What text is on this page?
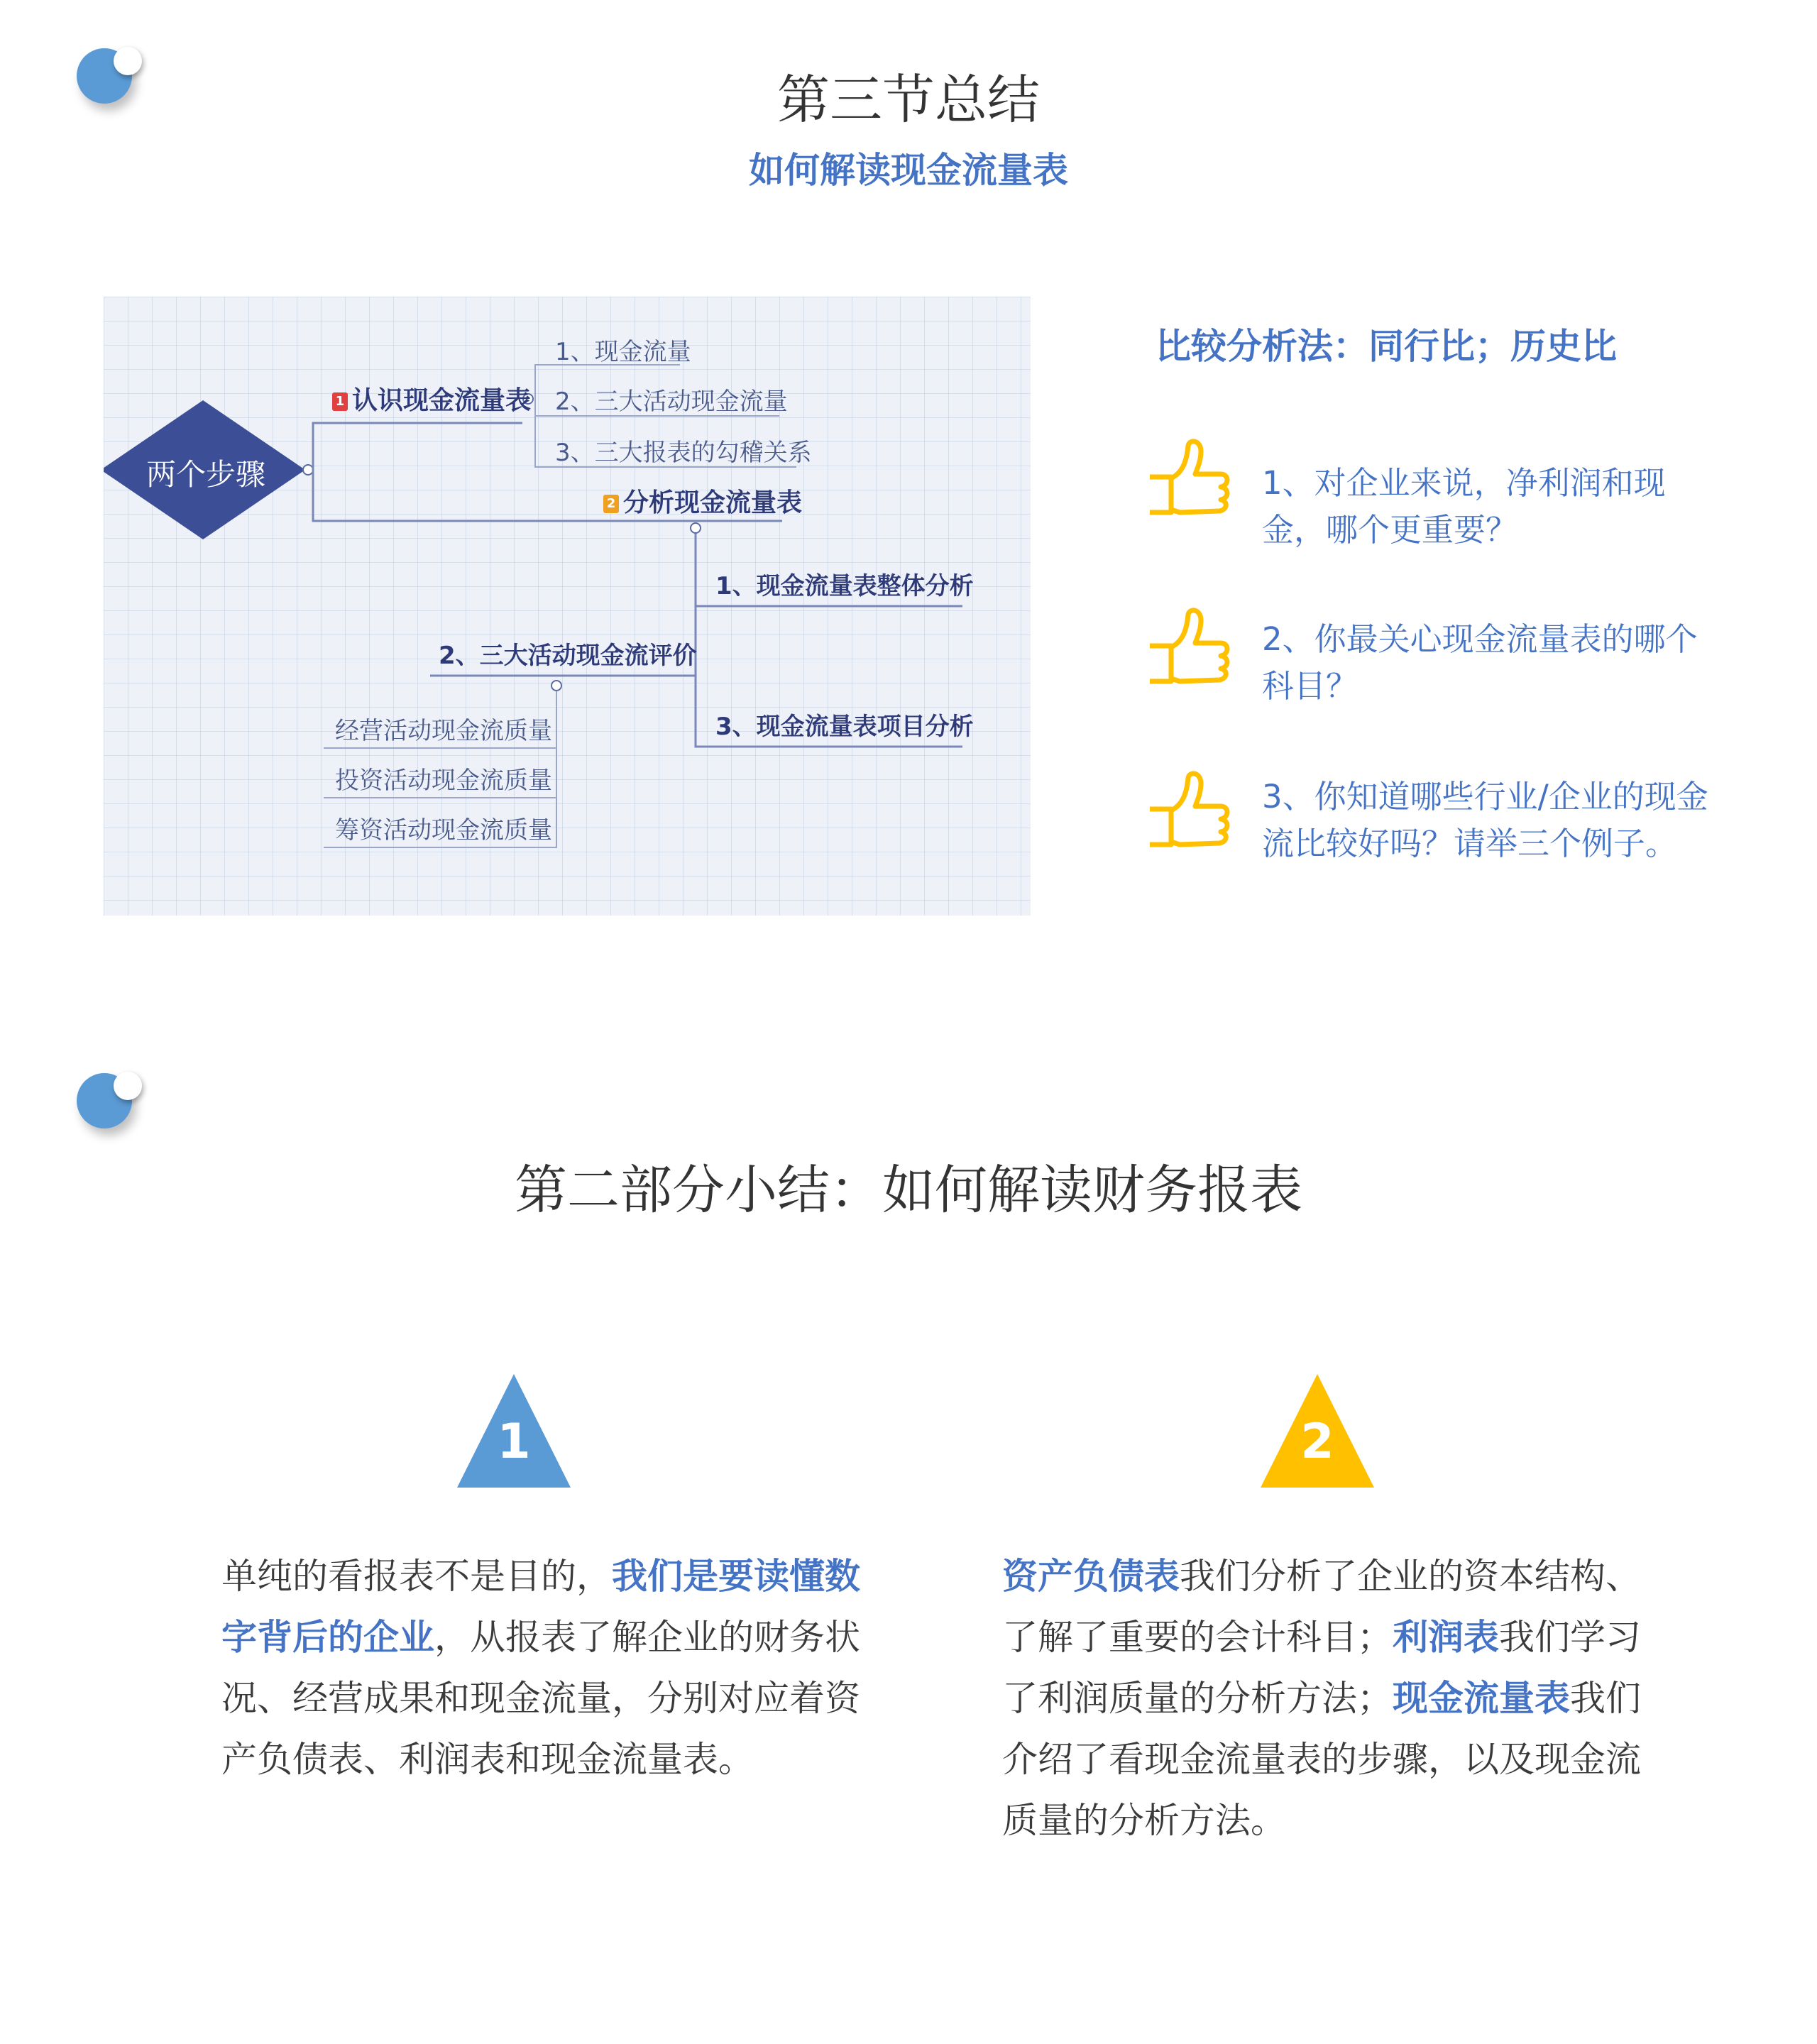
第三节总结
如何解读现金流量表
两个步骤
1 认识现金流量表
1、现金流量
2、三大活动现金流量
3、三大报表的勾稽关系
2 分析现金流量表
1、现金流量表整体分析
2、三大活动现金流评价
3、现金流量表项目分析
经营活动现金流质量
投资活动现金流质量
筹资活动现金流质量
比较分析法：同行比；历史比
1、对企业来说，净利润和现金，哪个更重要？
2、你最关心现金流量表的哪个科目？
3、你知道哪些行业/企业的现金流比较好吗？请举三个例子。
第二部分小结：如何解读财务报表
1	2
单纯的看报表不是目的，我们是要读懂数字背后的企业，从报表了解企业的财务状况、经营成果和现金流量，分别对应着资产负债表、利润表和现金流量表。
资产负债表我们分析了企业的资本结构、了解了重要的会计科目；利润表我们学习了利润质量的分析方法；现金流量表我们介绍了看现金流量表的步骤，以及现金流质量的分析方法。
